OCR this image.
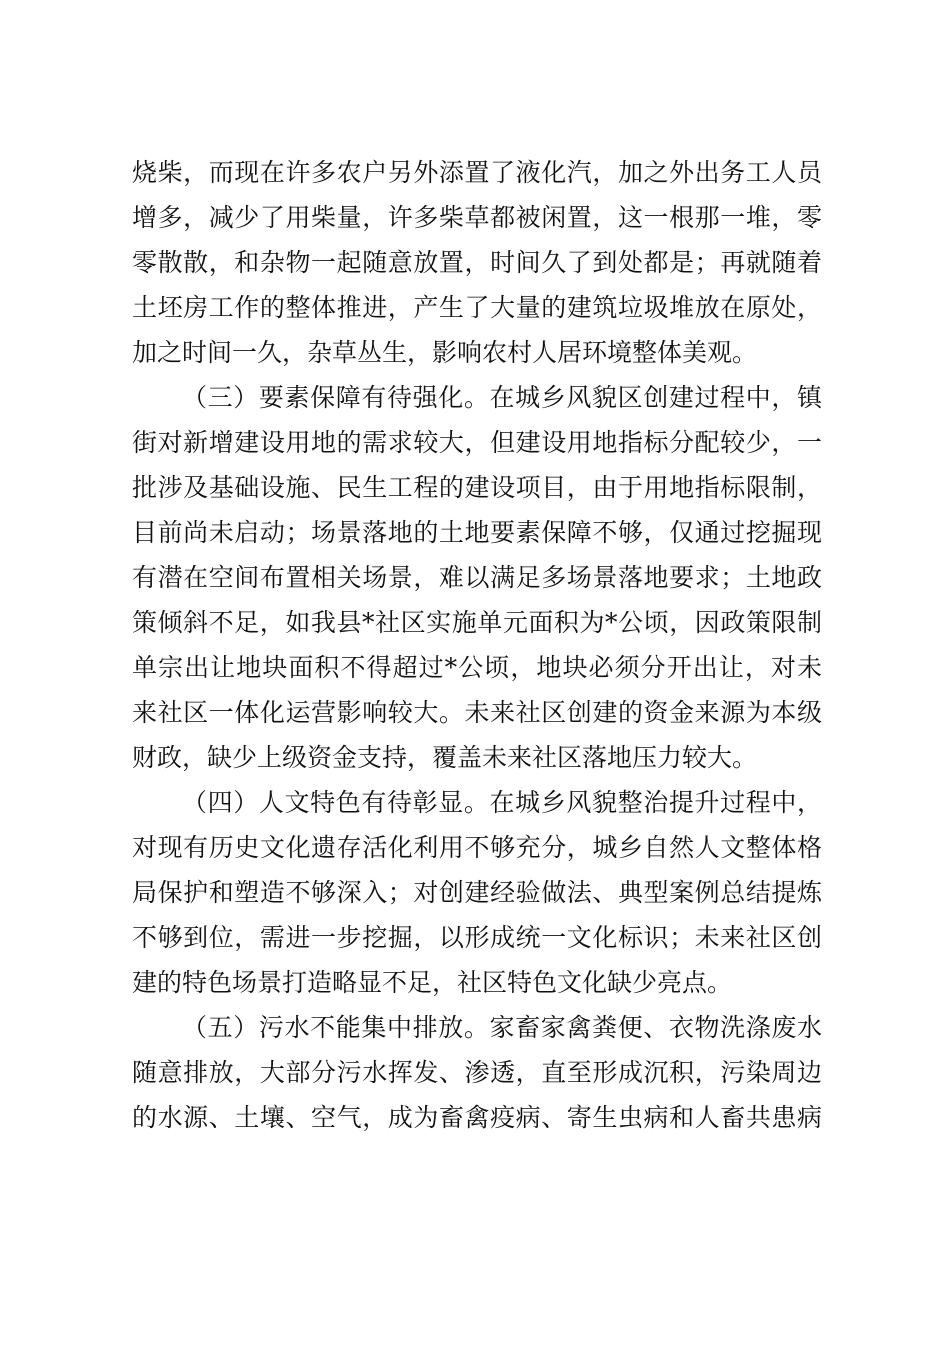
烧柴，而现在许多农户另外添置了液化汽，加之外出务工人员
增多，减少了用柴量，许多柴草都被闲置，这一根那一堆，零
零散散，和杂物一起随意放置，时间久了到处都是；再就随着
土坯房工作的整体推进，产生了大量的建筑垃圾堆放在原处，
加之时间一久，杂草丛生，影响农村人居环境整体美观。
（三）要素保障有待强化。在城乡风貌区创建过程中，镇
街对新增建设用地的需求较大，但建设用地指标分配较少，一
批涉及基础设施、民生工程的建设项目，由于用地指标限制，
目前尚未启动；场景落地的土地要素保障不够，仅通过挖掘现
有潜在空间布置相关场景，难以满足多场景落地要求；土地政
策倾斜不足，如我县*社区实施单元面积为*公顷，因政策限制
单宗出让地块面积不得超过*公顷，地块必须分开出让，对未
来社区一体化运营影响较大。未来社区创建的资金来源为本级
财政，缺少上级资金支持，覆盖未来社区落地压力较大。
（四）人文特色有待彰显。在城乡风貌整治提升过程中，
对现有历史文化遗存活化利用不够充分，城乡自然人文整体格
局保护和塑造不够深入；对创建经验做法、典型案例总结提炼
不够到位，需进一步挖掘，以形成统一文化标识；未来社区创
建的特色场景打造略显不足，社区特色文化缺少亮点。
（五）污水不能集中排放。家畜家禽粪便、衣物洗涤废水
随意排放，大部分污水挥发、渗透，直至形成沉积，污染周边
的水源、土壤、空气，成为畜禽疫病、寄生虫病和人畜共患病
